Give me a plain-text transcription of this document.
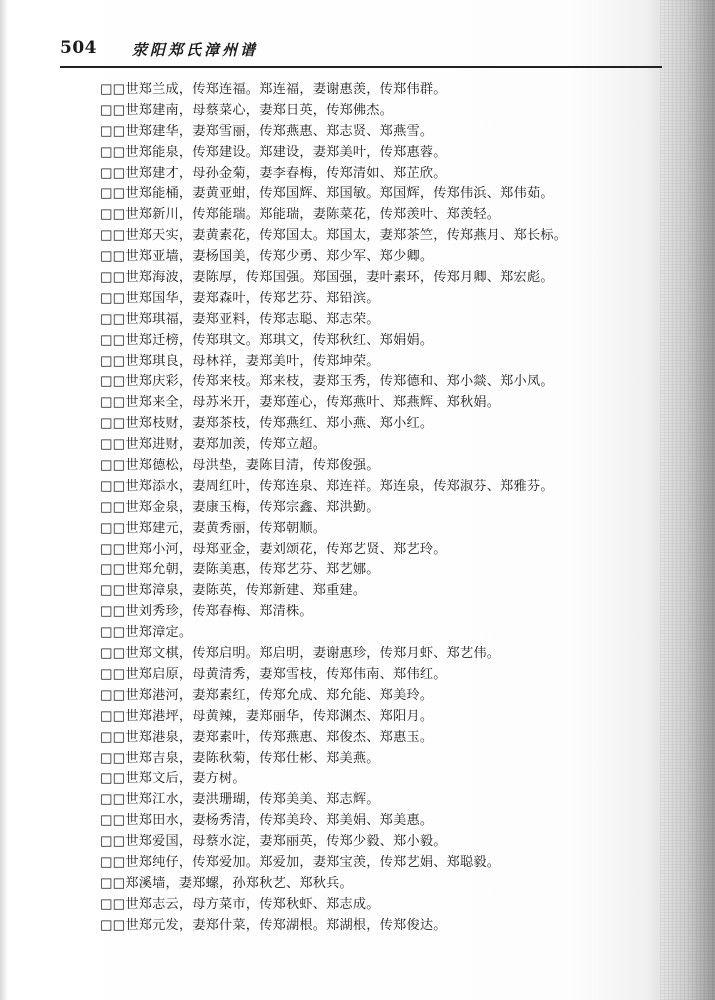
504 荥阳郑氏漳州谱
□□世郑兰成，传郑连福。郑连福，妻谢惠羡，传郑伟群。
□□世郑建南，母蔡菜心，妻郑日英，传郑佛杰。
□□世郑建华，妻郑雪丽，传郑燕惠、郑志贤、郑燕雪。
□□世郑能泉，传郑建设。郑建设，妻郑美叶，传郑惠蓉。
□□世郑建才，母孙金菊，妻李春梅，传郑清如、郑芷欣。
□□世郑能桶，妻黄亚蚶，传郑国辉、郑国敏。郑国辉，传郑伟浜、郑伟茹。
□□世郑新川，传郑能瑞。郑能瑞，妻陈菜花，传郑羡叶、郑羡轻。
□□世郑天实，妻黄素花，传郑国太。郑国太，妻郑茶竺，传郑燕月、郑长标。
□□世郑亚墙，妻杨国美，传郑少勇、郑少军、郑少卿。
□□世郑海波，妻陈厚，传郑国强。郑国强，妻叶素环，传郑月卿、郑宏彪。
□□世郑国华，妻郑森叶，传郑艺芬、郑铅滨。
□□世郑琪福，妻郑亚料，传郑志聪、郑志荣。
□□世郑迁榜，传郑琪文。郑琪文，传郑秋红、郑娟娟。
□□世郑琪良，母林祥，妻郑美叶，传郑坤荣。
□□世郑庆彩，传郑来枝。郑来枝，妻郑玉秀，传郑德和、郑小燚、郑小凤。
□□世郑来全，母苏米开，妻郑莲心，传郑燕叶、郑燕辉、郑秋娟。
□□世郑枝财，妻郑茶枝，传郑燕红、郑小燕、郑小红。
□□世郑进财，妻郑加羡，传郑立超。
□□世郑德松，母洪垫，妻陈目清，传郑俊强。
□□世郑添水，妻周红叶，传郑连泉、郑连祥。郑连泉，传郑淑芬、郑雅芬。
□□世郑金泉，妻康玉梅，传郑宗鑫、郑洪勤。
□□世郑建元，妻黄秀丽，传郑朝顺。
□□世郑小河，母郑亚金，妻刘颂花，传郑艺贤、郑艺玲。
□□世郑允朝，妻陈美惠，传郑艺芬、郑艺娜。
□□世郑漳泉，妻陈英，传郑新建、郑重建。
□□世刘秀珍，传郑春梅、郑清株。
□□世郑漳定。
□□世郑文棋，传郑启明。郑启明，妻谢惠珍，传郑月虾、郑艺伟。
□□世郑启原，母黄清秀，妻郑雪枝，传郑伟南、郑伟红。
□□世郑港河，妻郑素红，传郑允成、郑允能、郑美玲。
□□世郑港坪，母黄辣，妻郑丽华，传郑渊杰、郑阳月。
□□世郑港泉，妻郑素叶，传郑燕惠、郑俊杰、郑惠玉。
□□世郑吉泉，妻陈秋菊，传郑仕彬、郑美燕。
□□世郑文后，妻方树。
□□世郑江水，妻洪珊瑚，传郑美美、郑志辉。
□□世郑田水，妻杨秀清，传郑美玲、郑美娟、郑美惠。
□□世郑爱国，母蔡水淀，妻郑丽英，传郑少毅、郑小毅。
□□世郑纯仔，传郑爱加。郑爱加，妻郑宝羡，传郑艺娟、郑聪毅。
□□郑溪墙，妻郑螺，孙郑秋艺、郑秋兵。
□□世郑志云，母方菜市，传郑秋虾、郑志成。
□□世郑元发，妻郑什菜，传郑湖根。郑湖根，传郑俊达。
